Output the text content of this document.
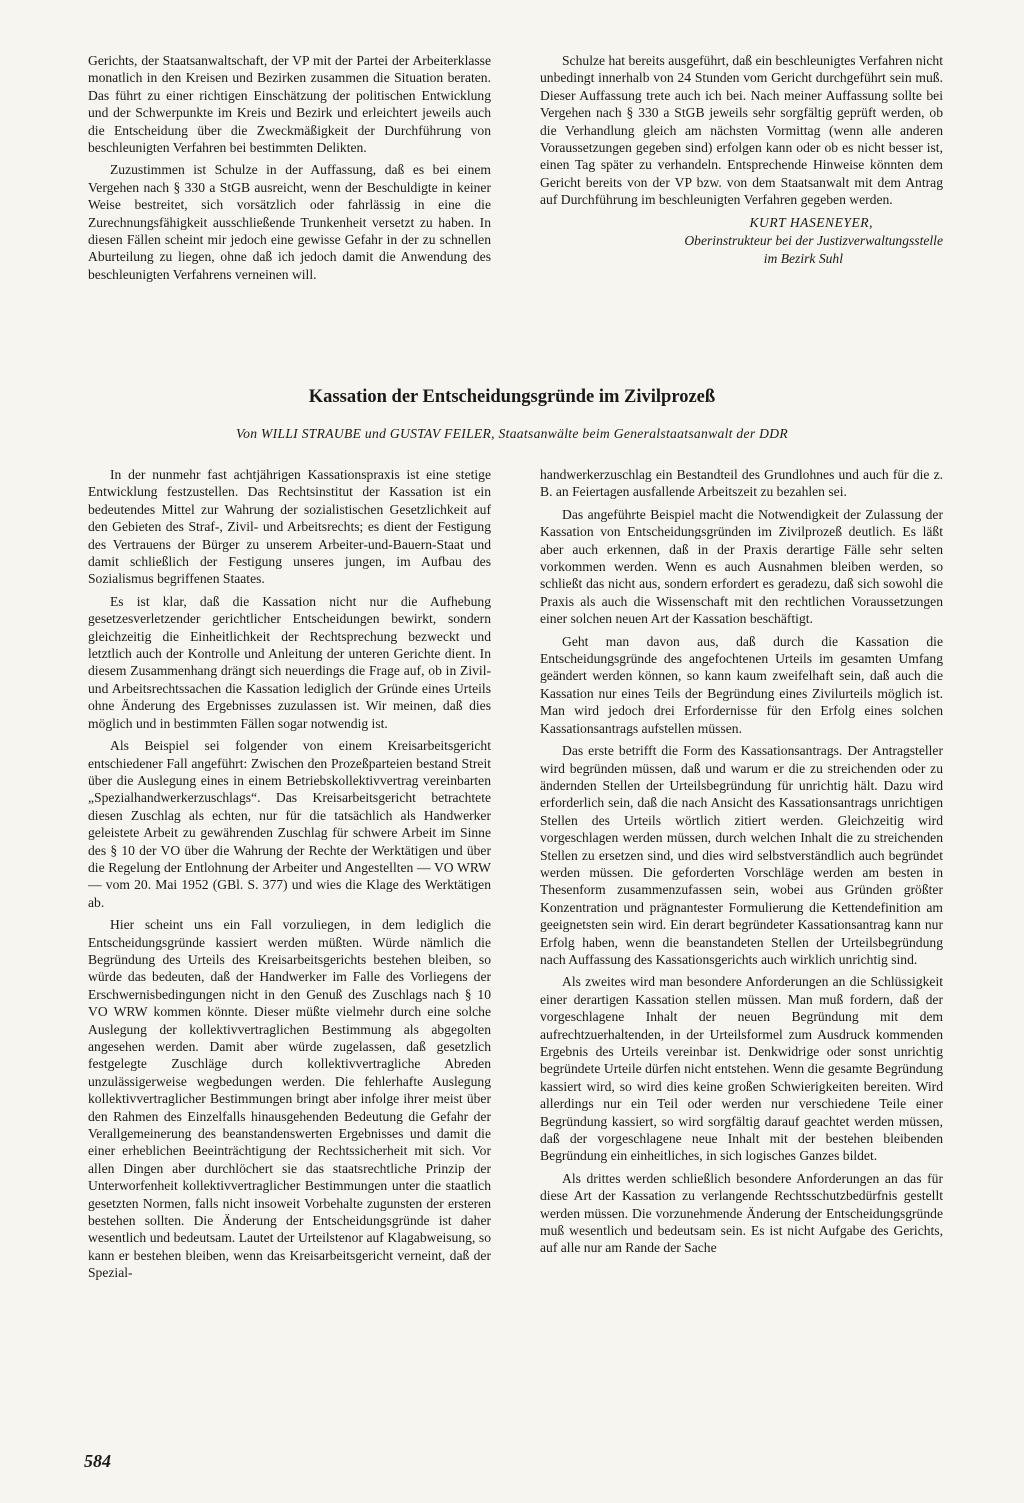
Gerichts, der Staatsanwaltschaft, der VP mit der Partei der Arbeiterklasse monatlich in den Kreisen und Bezirken zusammen die Situation beraten. Das führt zu einer richtigen Einschätzung der politischen Entwicklung und der Schwerpunkte im Kreis und Bezirk und erleichtert jeweils auch die Entscheidung über die Zweckmäßigkeit der Durchführung von beschleunigten Verfahren bei bestimmten Delikten.

Zuzustimmen ist Schulze in der Auffassung, daß es bei einem Vergehen nach § 330 a StGB ausreicht, wenn der Beschuldigte in keiner Weise bestreitet, sich vorsätzlich oder fahrlässig in eine die Zurechnungsfähigkeit ausschließende Trunkenheit versetzt zu haben. In diesen Fällen scheint mir jedoch eine gewisse Gefahr in der zu schnellen Aburteilung zu liegen, ohne daß ich jedoch damit die Anwendung des beschleunigten Verfahrens verneinen will.

Schulze hat bereits ausgeführt, daß ein beschleunigtes Verfahren nicht unbedingt innerhalb von 24 Stunden vom Gericht durchgeführt sein muß. Dieser Auffassung trete auch ich bei. Nach meiner Auffassung sollte bei Vergehen nach § 330 a StGB jeweils sehr sorgfältig geprüft werden, ob die Verhandlung gleich am nächsten Vormittag (wenn alle anderen Voraussetzungen gegeben sind) erfolgen kann oder ob es nicht besser ist, einen Tag später zu verhandeln. Entsprechende Hinweise könnten dem Gericht bereits von der VP bzw. von dem Staatsanwalt mit dem Antrag auf Durchführung im beschleunigten Verfahren gegeben werden.

KURT HASENEYER,
Oberinstrukteur bei der Justizverwaltungsstelle
im Bezirk Suhl
Kassation der Entscheidungsgründe im Zivilprozeß
Von WILLI STRAUBE und GUSTAV FEILER, Staatsanwälte beim Generalstaatsanwalt der DDR

In der nunmehr fast achtjährigen Kassationspraxis ist eine stetige Entwicklung festzustellen. Das Rechtsinstitut der Kassation ist ein bedeutendes Mittel zur Wahrung der sozialistischen Gesetzlichkeit auf den Gebieten des Straf-, Zivil- und Arbeitsrechts; es dient der Festigung des Vertrauens der Bürger zu unserem Arbeiter-und-Bauern-Staat und damit schließlich der Festigung unseres jungen, im Aufbau des Sozialismus begriffenen Staates.

Es ist klar, daß die Kassation nicht nur die Aufhebung gesetzesverletzender gerichtlicher Entscheidungen bewirkt, sondern gleichzeitig die Einheitlichkeit der Rechtsprechung bezweckt und letztlich auch der Kontrolle und Anleitung der unteren Gerichte dient. In diesem Zusammenhang drängt sich neuerdings die Frage auf, ob in Zivil- und Arbeitsrechtssachen die Kassation lediglich der Gründe eines Urteils ohne Änderung des Ergebnisses zuzulassen ist. Wir meinen, daß dies möglich und in bestimmten Fällen sogar notwendig ist.

Als Beispiel sei folgender von einem Kreisarbeitsgericht entschiedener Fall angeführt: Zwischen den Prozeßparteien bestand Streit über die Auslegung eines in einem Betriebskollektivvertrag vereinbarten „Spezialhandwerkerzuschlags“. Das Kreisarbeitsgericht betrachtete diesen Zuschlag als echten, nur für die tatsächlich als Handwerker geleistete Arbeit zu gewährenden Zuschlag für schwere Arbeit im Sinne des § 10 der VO über die Wahrung der Rechte der Werktätigen und über die Regelung der Entlohnung der Arbeiter und Angestellten — VO WRW — vom 20. Mai 1952 (GBl. S. 377) und wies die Klage des Werktätigen ab.

Hier scheint uns ein Fall vorzuliegen, in dem lediglich die Entscheidungsgründe kassiert werden müßten. Würde nämlich die Begründung des Urteils des Kreisarbeitsgerichts bestehen bleiben, so würde das bedeuten, daß der Handwerker im Falle des Vorliegens der Erschwernisbedingungen nicht in den Genuß des Zuschlags nach § 10 VO WRW kommen könnte. Dieser müßte vielmehr durch eine solche Auslegung der kollektivvertraglichen Bestimmung als abgegolten angesehen werden. Damit aber würde zugelassen, daß gesetzlich festgelegte Zuschläge durch kollektivvertragliche Abreden unzulässigerweise wegbedungen werden. Die fehlerhafte Auslegung kollektivvertraglicher Bestimmungen bringt aber infolge ihrer meist über den Rahmen des Einzelfalls hinausgehenden Bedeutung die Gefahr der Verallgemeinerung des beanstandenswerten Ergebnisses und damit die einer erheblichen Beeinträchtigung der Rechtssicherheit mit sich. Vor allen Dingen aber durchlöchert sie das staatsrechtliche Prinzip der Unterworfenheit kollektivvertraglicher Bestimmungen unter die staatlich gesetzten Normen, falls nicht insoweit Vorbehalte zugunsten der ersteren bestehen sollten. Die Änderung der Entscheidungsgründe ist daher wesentlich und bedeutsam. Lautet der Urteilstenor auf Klagabweisung, so kann er bestehen bleiben, wenn das Kreisarbeitsgericht verneint, daß der Spezial-

handwerkerzuschlag ein Bestandteil des Grundlohnes und auch für die z. B. an Feiertagen ausfallende Arbeitszeit zu bezahlen sei.

Das angeführte Beispiel macht die Notwendigkeit der Zulassung der Kassation von Entscheidungsgründen im Zivilprozeß deutlich. Es läßt aber auch erkennen, daß in der Praxis derartige Fälle sehr selten vorkommen werden. Wenn es auch Ausnahmen bleiben werden, so schließt das nicht aus, sondern erfordert es geradezu, daß sich sowohl die Praxis als auch die Wissenschaft mit den rechtlichen Voraussetzungen einer solchen neuen Art der Kassation beschäftigt.

Geht man davon aus, daß durch die Kassation die Entscheidungsgründe des angefochtenen Urteils im gesamten Umfang geändert werden können, so kann kaum zweifelhaft sein, daß auch die Kassation nur eines Teils der Begründung eines Zivilurteils möglich ist. Man wird jedoch drei Erfordernisse für den Erfolg eines solchen Kassationsantrags aufstellen müssen.

Das erste betrifft die Form des Kassationsantrags. Der Antragsteller wird begründen müssen, daß und warum er die zu streichenden oder zu ändernden Stellen der Urteilsbegründung für unrichtig hält. Dazu wird erforderlich sein, daß die nach Ansicht des Kassationsantrags unrichtigen Stellen des Urteils wörtlich zitiert werden. Gleichzeitig wird vorgeschlagen werden müssen, durch welchen Inhalt die zu streichenden Stellen zu ersetzen sind, und dies wird selbstverständlich auch begründet werden müssen. Die geforderten Vorschläge werden am besten in Thesenform zusammenzufassen sein, wobei aus Gründen größter Konzentration und prägnantester Formulierung die Kettendefinition am geeignetsten sein wird. Ein derart begründeter Kassationsantrag kann nur Erfolg haben, wenn die beanstandeten Stellen der Urteilsbegründung nach Auffassung des Kassationsgerichts auch wirklich unrichtig sind.

Als zweites wird man besondere Anforderungen an die Schlüssigkeit einer derartigen Kassation stellen müssen. Man muß fordern, daß der vorgeschlagene Inhalt der neuen Begründung mit dem aufrechtzuerhaltenden, in der Urteilsformel zum Ausdruck kommenden Ergebnis des Urteils vereinbar ist. Denkwidrige oder sonst unrichtig begründete Urteile dürfen nicht entstehen. Wenn die gesamte Begründung kassiert wird, so wird dies keine großen Schwierigkeiten bereiten. Wird allerdings nur ein Teil oder werden nur verschiedene Teile einer Begründung kassiert, so wird sorgfältig darauf geachtet werden müssen, daß der vorgeschlagene neue Inhalt mit der bestehen bleibenden Begründung ein einheitliches, in sich logisches Ganzes bildet.

Als drittes werden schließlich besondere Anforderungen an das für diese Art der Kassation zu verlangende Rechtsschutzbedürfnis gestellt werden müssen. Die vorzunehmende Änderung der Entscheidungsgründe muß wesentlich und bedeutsam sein. Es ist nicht Aufgabe des Gerichts, auf alle nur am Rande der Sache

584
